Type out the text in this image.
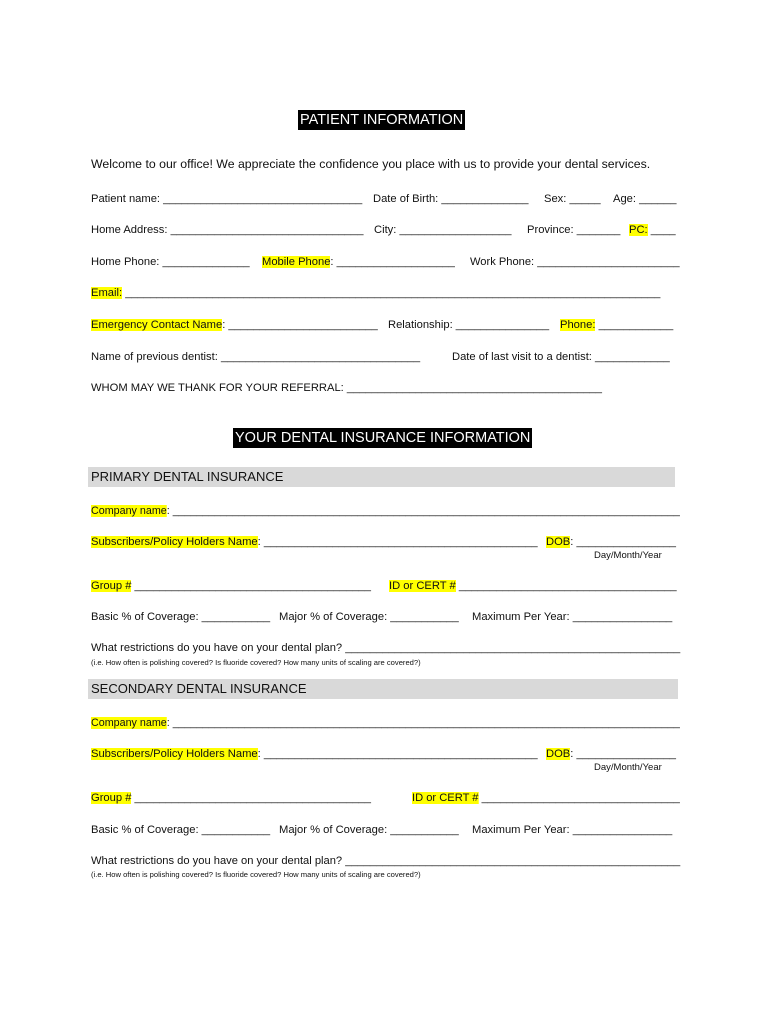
PATIENT INFORMATION
Welcome to our office! We appreciate the confidence you place with us to provide your dental services.
Patient name: ________________________________ Date of Birth: ______________ Sex: _____ Age: ______
Home Address: _______________________________ City: __________________ Province: _______ PC: ____
Home Phone: ______________ Mobile Phone: ___________________ Work Phone: _______________________
Email: ______________________________________________________________________________________
Emergency Contact Name: ________________________ Relationship: _______________ Phone: ____________
Name of previous dentist: ________________________________	Date of last visit to a dentist: ____________
WHOM MAY WE THANK FOR YOUR REFERRAL: _________________________________________
YOUR DENTAL INSURANCE INFORMATION
PRIMARY DENTAL INSURANCE
Company name: _____________________________________________________________________________________
Subscribers/Policy Holders Name: ____________________________________________ DOB: ________________
Day/Month/Year
Group # ______________________________________ ID or CERT # ___________________________________
Basic % of Coverage: ___________ Major % of Coverage: ___________ Maximum Per Year: ________________
What restrictions do you have on your dental plan? ______________________________________________________
(i.e. How often is polishing covered? Is fluoride covered? How many units of scaling are covered?)
SECONDARY DENTAL INSURANCE
Company name: _____________________________________________________________________________________
Subscribers/Policy Holders Name: ____________________________________________ DOB: ________________
Day/Month/Year
Group # ______________________________________	ID or CERT # ________________________________
Basic % of Coverage: ___________ Major % of Coverage: ___________ Maximum Per Year: ________________
What restrictions do you have on your dental plan? ______________________________________________________
(i.e. How often is polishing covered? Is fluoride covered? How many units of scaling are covered?)
